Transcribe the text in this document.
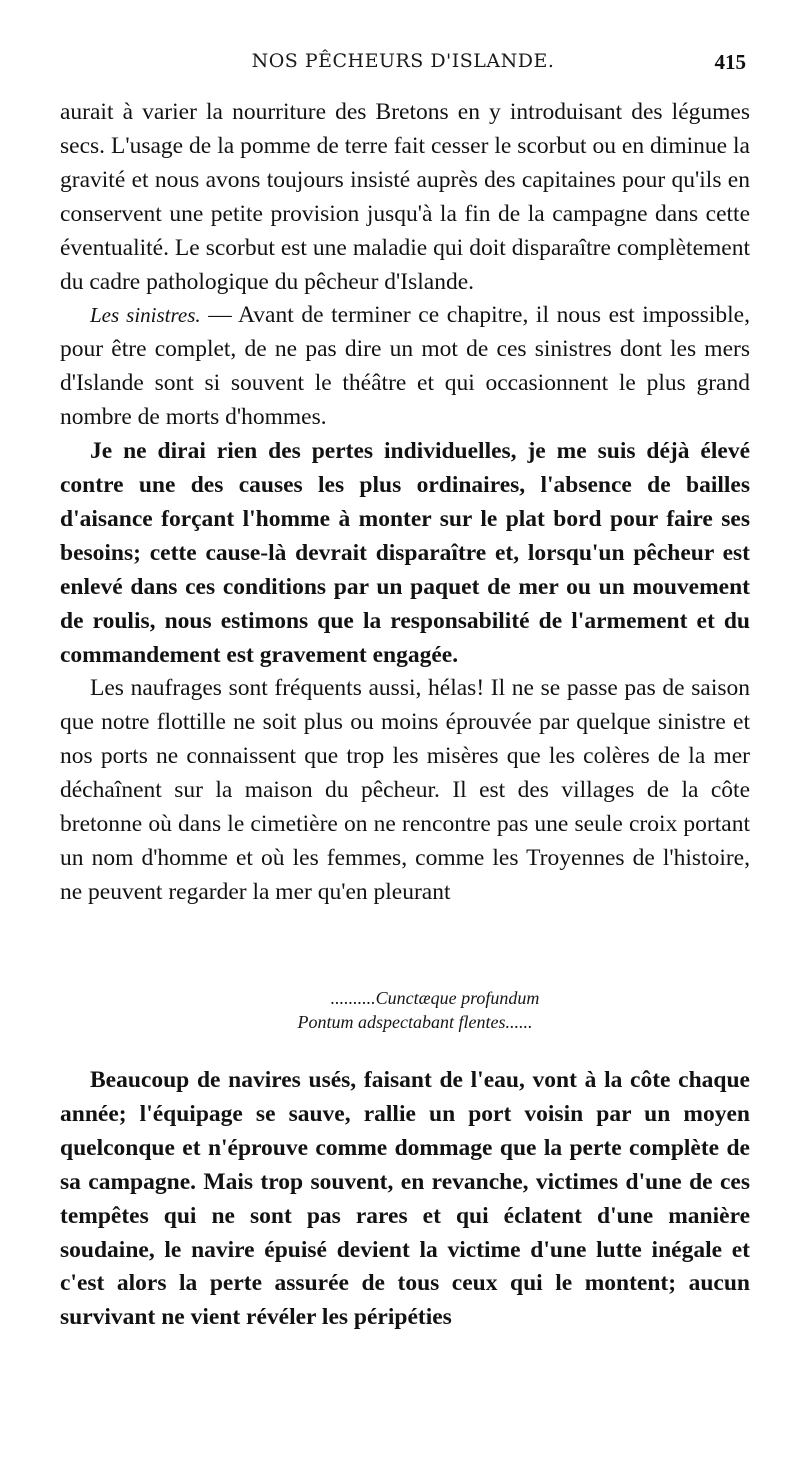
NOS PÊCHEURS D'ISLANDE.	415

aurait à varier la nourriture des Bretons en y introduisant des légumes secs. L'usage de la pomme de terre fait cesser le scorbut ou en diminue la gravité et nous avons toujours insisté auprès des capitaines pour qu'ils en conservent une petite provision jusqu'à la fin de la campagne dans cette éventualité. Le scorbut est une maladie qui doit disparaître complètement du cadre pathologique du pêcheur d'Islande.

Les sinistres. — Avant de terminer ce chapitre, il nous est impossible, pour être complet, de ne pas dire un mot de ces sinistres dont les mers d'Islande sont si souvent le théâtre et qui occasionnent le plus grand nombre de morts d'hommes.

Je ne dirai rien des pertes individuelles, je me suis déjà élevé contre une des causes les plus ordinaires, l'absence de bailles d'aisance forçant l'homme à monter sur le plat bord pour faire ses besoins; cette cause-là devrait disparaître et, lorsqu'un pêcheur est enlevé dans ces conditions par un paquet de mer ou un mouvement de roulis, nous estimons que la responsabilité de l'armement et du commandement est gravement engagée.

Les naufrages sont fréquents aussi, hélas! Il ne se passe pas de saison que notre flottille ne soit plus ou moins éprouvée par quelque sinistre et nos ports ne connaissent que trop les misères que les colères de la mer déchaînent sur la maison du pêcheur. Il est des villages de la côte bretonne où dans le cimetière on ne rencontre pas une seule croix portant un nom d'homme et où les femmes, comme les Troyennes de l'histoire, ne peuvent regarder la mer qu'en pleurant

..........Cunctæque profundum
Pontum adspectabant flentes......

Beaucoup de navires usés, faisant de l'eau, vont à la côte chaque année; l'équipage se sauve, rallie un port voisin par un moyen quelconque et n'éprouve comme dommage que la perte complète de sa campagne. Mais trop souvent, en revanche, victimes d'une de ces tempêtes qui ne sont pas rares et qui éclatent d'une manière soudaine, le navire épuisé devient la victime d'une lutte inégale et c'est alors la perte assurée de tous ceux qui le montent; aucun survivant ne vient révéler les péripéties
